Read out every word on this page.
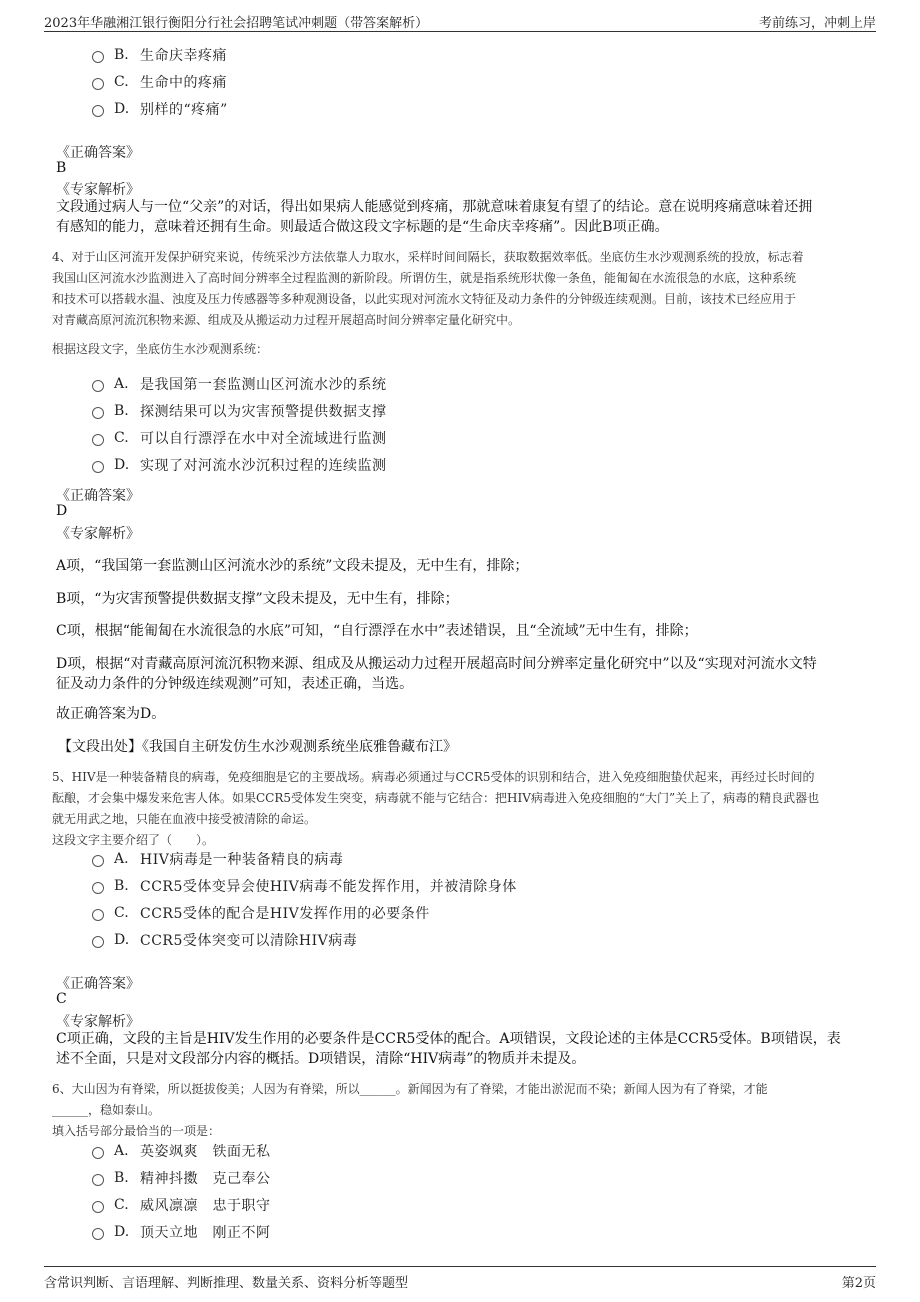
2023年华融湘江银行衡阳分行社会招聘笔试冲刺题（带答案解析）	考前练习，冲刺上岸
B. 生命庆幸疼痛
C. 生命中的疼痛
D. 别样的“疼痛”
《正确答案》
B
《专家解析》
文段通过病人与一位“父亲”的对话，得出如果病人能感觉到疼痛，那就意味着康复有望了的结论。意在说明疼痛意味着还拥
有感知的能力，意味着还拥有生命。则最适合做这段文字标题的是“生命庆幸疼痛”。因此B项正确。
4、对于山区河流开发保护研究来说，传统采沙方法依靠人力取水，采样时间间隔长，获取数据效率低。坐底仿生水沙观测系统的投放，标志着
我国山区河流水沙监测进入了高时间分辨率全过程监测的新阶段。所谓仿生，就是指系统形状像一条鱼，能匍匐在水流很急的水底，这种系统
和技术可以搭载水温、浊度及压力传感器等多种观测设备，以此实现对河流水文特征及动力条件的分钟级连续观测。目前，该技术已经应用于
对青藏高原河流沉积物来源、组成及从搬运动力过程开展超高时间分辨率定量化研究中。
根据这段文字，坐底仿生水沙观测系统：
A. 是我国第一套监测山区河流水沙的系统
B. 探测结果可以为灾害预警提供数据支撑
C. 可以自行漂浮在水中对全流域进行监测
D. 实现了对河流水沙沉积过程的连续监测
《正确答案》
D
《专家解析》
A项，“我国第一套监测山区河流水沙的系统”文段未提及，无中生有，排除；
B项，“为灾害预警提供数据支撑”文段未提及，无中生有，排除；
C项，根据“能匍匐在水流很急的水底”可知，“自行漂浮在水中”表述错误，且“全流域”无中生有，排除；
D项，根据“对青藏高原河流沉积物来源、组成及从搬运动力过程开展超高时间分辨率定量化研究中”以及“实现对河流水文特
征及动力条件的分钟级连续观测”可知，表述正确，当选。
故正确答案为D。
【文段出处】《我国自主研发仿生水沙观测系统坐底雅鲁藏布江》
5、HIV是一种装备精良的病毒，免疫细胞是它的主要战场。病毒必须通过与CCR5受体的识别和结合，进入免疫细胞蛰伏起来，再经过长时间的
酝酿，才会集中爆发来危害人体。如果CCR5受体发生突变，病毒就不能与它结合：把HIV病毒进入免疫细胞的“大门”关上了，病毒的精良武器也
就无用武之地，只能在血液中接受被清除的命运。
这段文字主要介绍了（　　）。
A. HIV病毒是一种装备精良的病毒
B. CCR5受体变异会使HIV病毒不能发挥作用，并被清除身体
C. CCR5受体的配合是HIV发挥作用的必要条件
D. CCR5受体突变可以清除HIV病毒
《正确答案》
C
《专家解析》
C项正确，文段的主旨是HIV发生作用的必要条件是CCR5受体的配合。A项错误，文段论述的主体是CCR5受体。B项错误，表
述不全面，只是对文段部分内容的概括。D项错误，清除“HIV病毒”的物质并未提及。
6、大山因为有脊梁，所以挺拔俊美；人因为有脊梁，所以______。新闻因为有了脊梁，才能出淤泥而不染；新闻人因为有了脊梁，才能
______，稳如泰山。
填入括号部分最恰当的一项是：
A. 英姿飒爽　铁面无私
B. 精神抖擞　克己奉公
C. 威风凛凛　忠于职守
D. 顶天立地　刚正不阿
含常识判断、言语理解、判断推理、数量关系、资料分析等题型	第2页
